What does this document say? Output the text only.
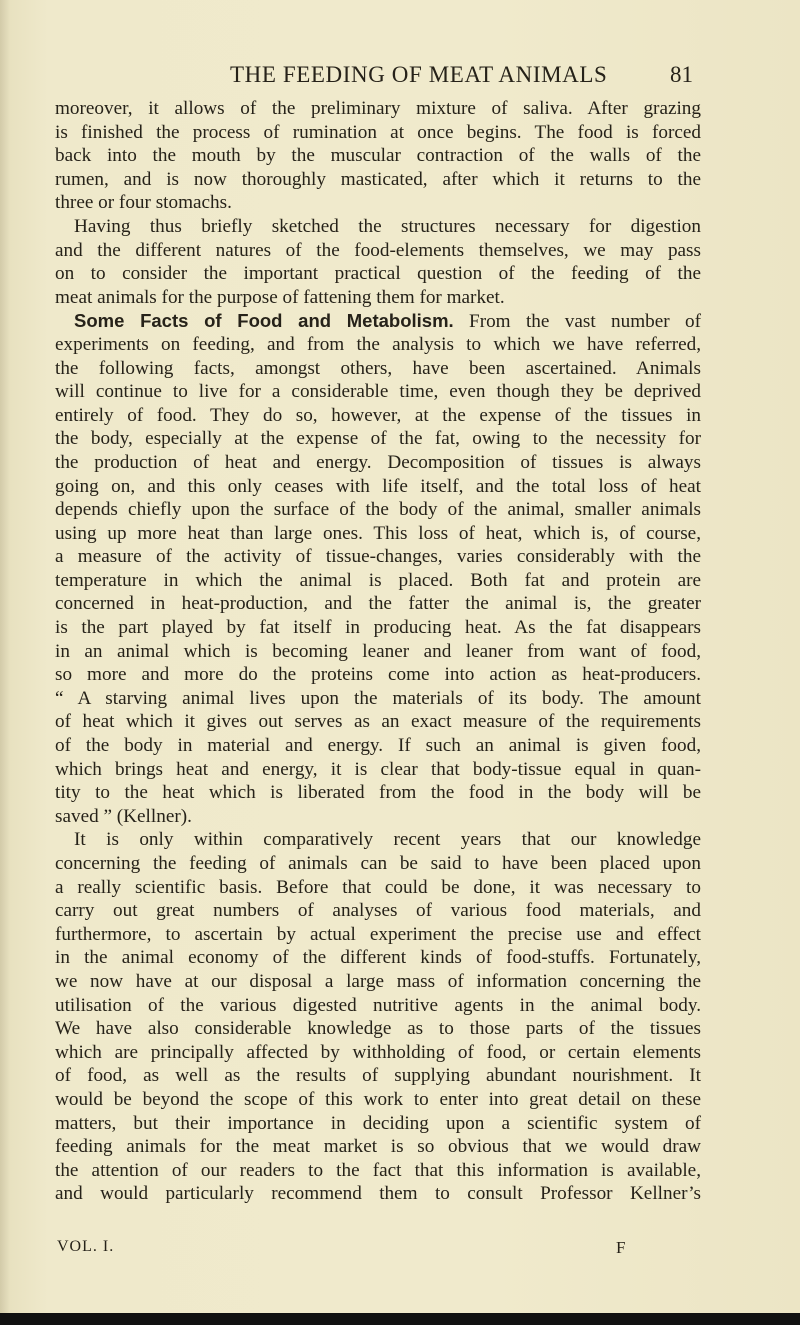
THE FEEDING OF MEAT ANIMALS	81
moreover, it allows of the preliminary mixture of saliva. After grazing
is finished the process of rumination at once begins. The food is forced
back into the mouth by the muscular contraction of the walls of the
rumen, and is now thoroughly masticated, after which it returns to the
three or four stomachs.
Having thus briefly sketched the structures necessary for digestion
and the different natures of the food-elements themselves, we may pass
on to consider the important practical question of the feeding of the
meat animals for the purpose of fattening them for market.
Some Facts of Food and Metabolism. From the vast number of
experiments on feeding, and from the analysis to which we have referred,
the following facts, amongst others, have been ascertained. Animals
will continue to live for a considerable time, even though they be deprived
entirely of food. They do so, however, at the expense of the tissues in
the body, especially at the expense of the fat, owing to the necessity for
the production of heat and energy. Decomposition of tissues is always
going on, and this only ceases with life itself, and the total loss of heat
depends chiefly upon the surface of the body of the animal, smaller animals
using up more heat than large ones. This loss of heat, which is, of course,
a measure of the activity of tissue-changes, varies considerably with the
temperature in which the animal is placed. Both fat and protein are
concerned in heat-production, and the fatter the animal is, the greater
is the part played by fat itself in producing heat. As the fat disappears
in an animal which is becoming leaner and leaner from want of food,
so more and more do the proteins come into action as heat-producers.
“ A starving animal lives upon the materials of its body. The amount
of heat which it gives out serves as an exact measure of the requirements
of the body in material and energy. If such an animal is given food,
which brings heat and energy, it is clear that body-tissue equal in quan-
tity to the heat which is liberated from the food in the body will be
saved ” (Kellner).
It is only within comparatively recent years that our knowledge
concerning the feeding of animals can be said to have been placed upon
a really scientific basis. Before that could be done, it was necessary to
carry out great numbers of analyses of various food materials, and
furthermore, to ascertain by actual experiment the precise use and effect
in the animal economy of the different kinds of food-stuffs. Fortunately,
we now have at our disposal a large mass of information concerning the
utilisation of the various digested nutritive agents in the animal body.
We have also considerable knowledge as to those parts of the tissues
which are principally affected by withholding of food, or certain elements
of food, as well as the results of supplying abundant nourishment. It
would be beyond the scope of this work to enter into great detail on these
matters, but their importance in deciding upon a scientific system of
feeding animals for the meat market is so obvious that we would draw
the attention of our readers to the fact that this information is available,
and would particularly recommend them to consult Professor Kellner’s
VOL. I.	F
